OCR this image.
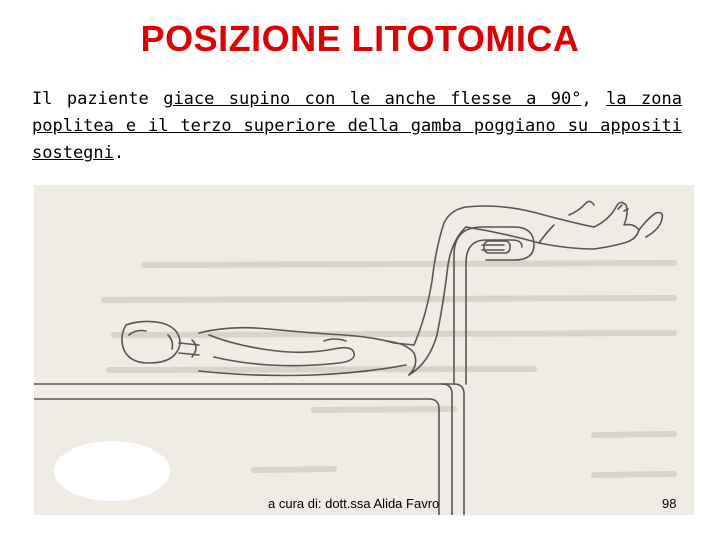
POSIZIONE LITOTOMICA
Il paziente giace supino con le anche flesse a 90°, la zona poplitea e il terzo superiore della gamba poggiano su appositi sostegni.
a cura di: dott.ssa Alida Favro	98
